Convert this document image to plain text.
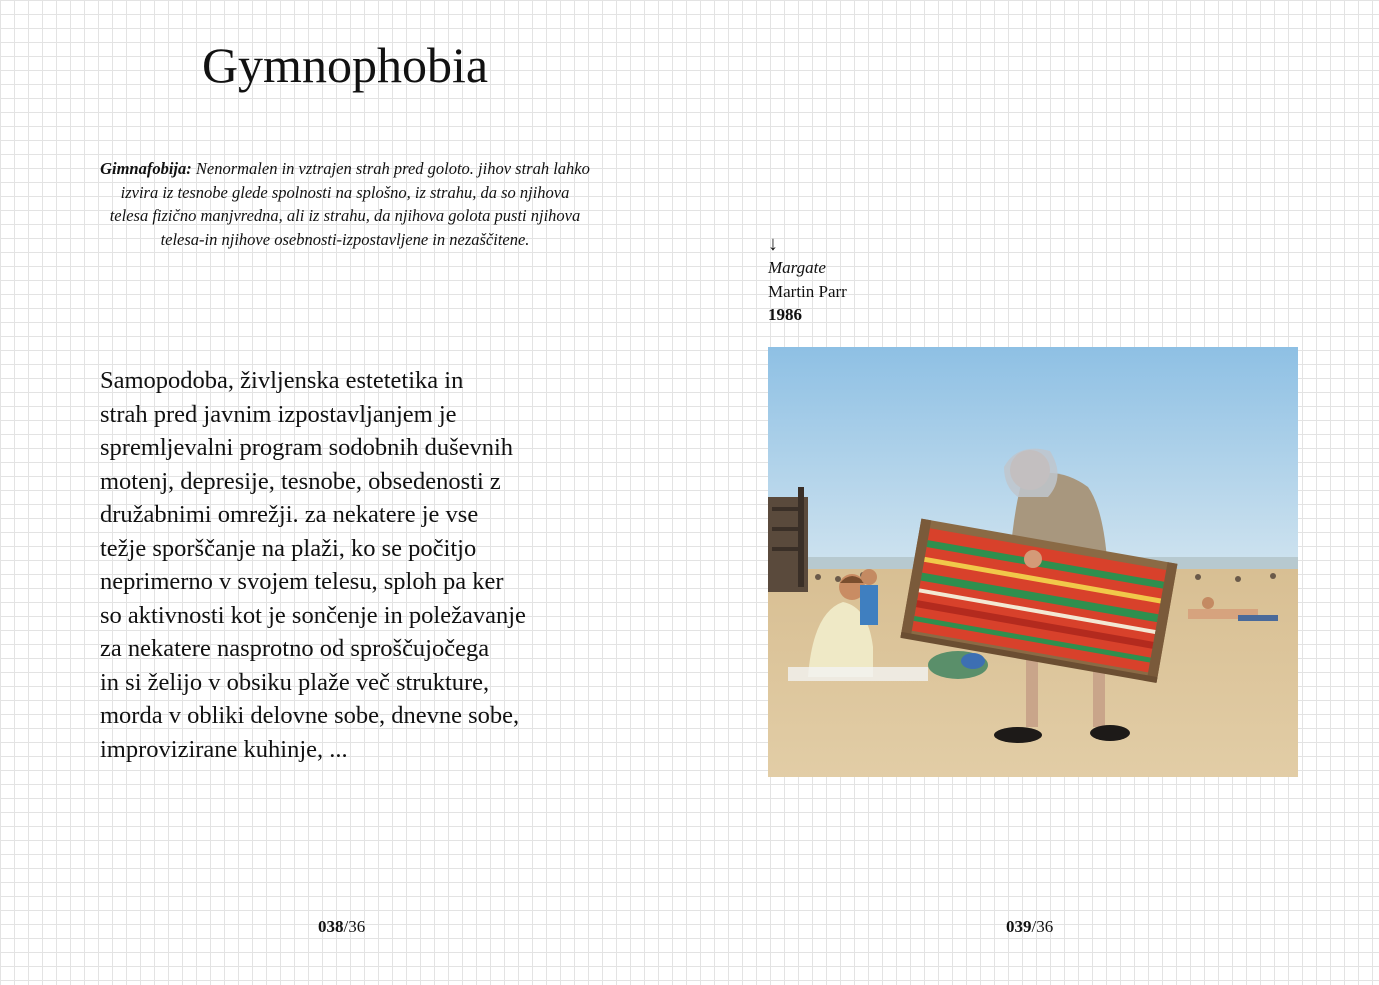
Gymnophobia

Gimnafobija: Nenormalen in vztrajen strah pred goloto. jihov strah lahko izvira iz tesnobe glede spolnosti na splošno, iz strahu, da so njihova telesa fizično manjvredna, ali iz strahu, da njihova golota pusti njihova telesa-in njihove osebnosti-izpostavljene in nezaščitene.

Samopodoba, življenska estetetika in
strah pred javnim izpostavljanjem je
spremljevalni program sodobnih duševnih
motenj, depresije, tesnobe, obsedenosti z
družabnimi omrežji. za nekatere je vse
težje sporščanje na plaži, ko se počitjo
neprimerno v svojem telesu, sploh pa ker
so aktivnosti kot je sončenje in poležavanje
za nekatere nasprotno od sproščujočega
in si želijo v obsiku plaže več strukture,
morda v obliki delovne sobe, dnevne sobe,
improvizirane kuhinje, ...
038/36
↓
Margate
Martin Parr
1986
039/36
